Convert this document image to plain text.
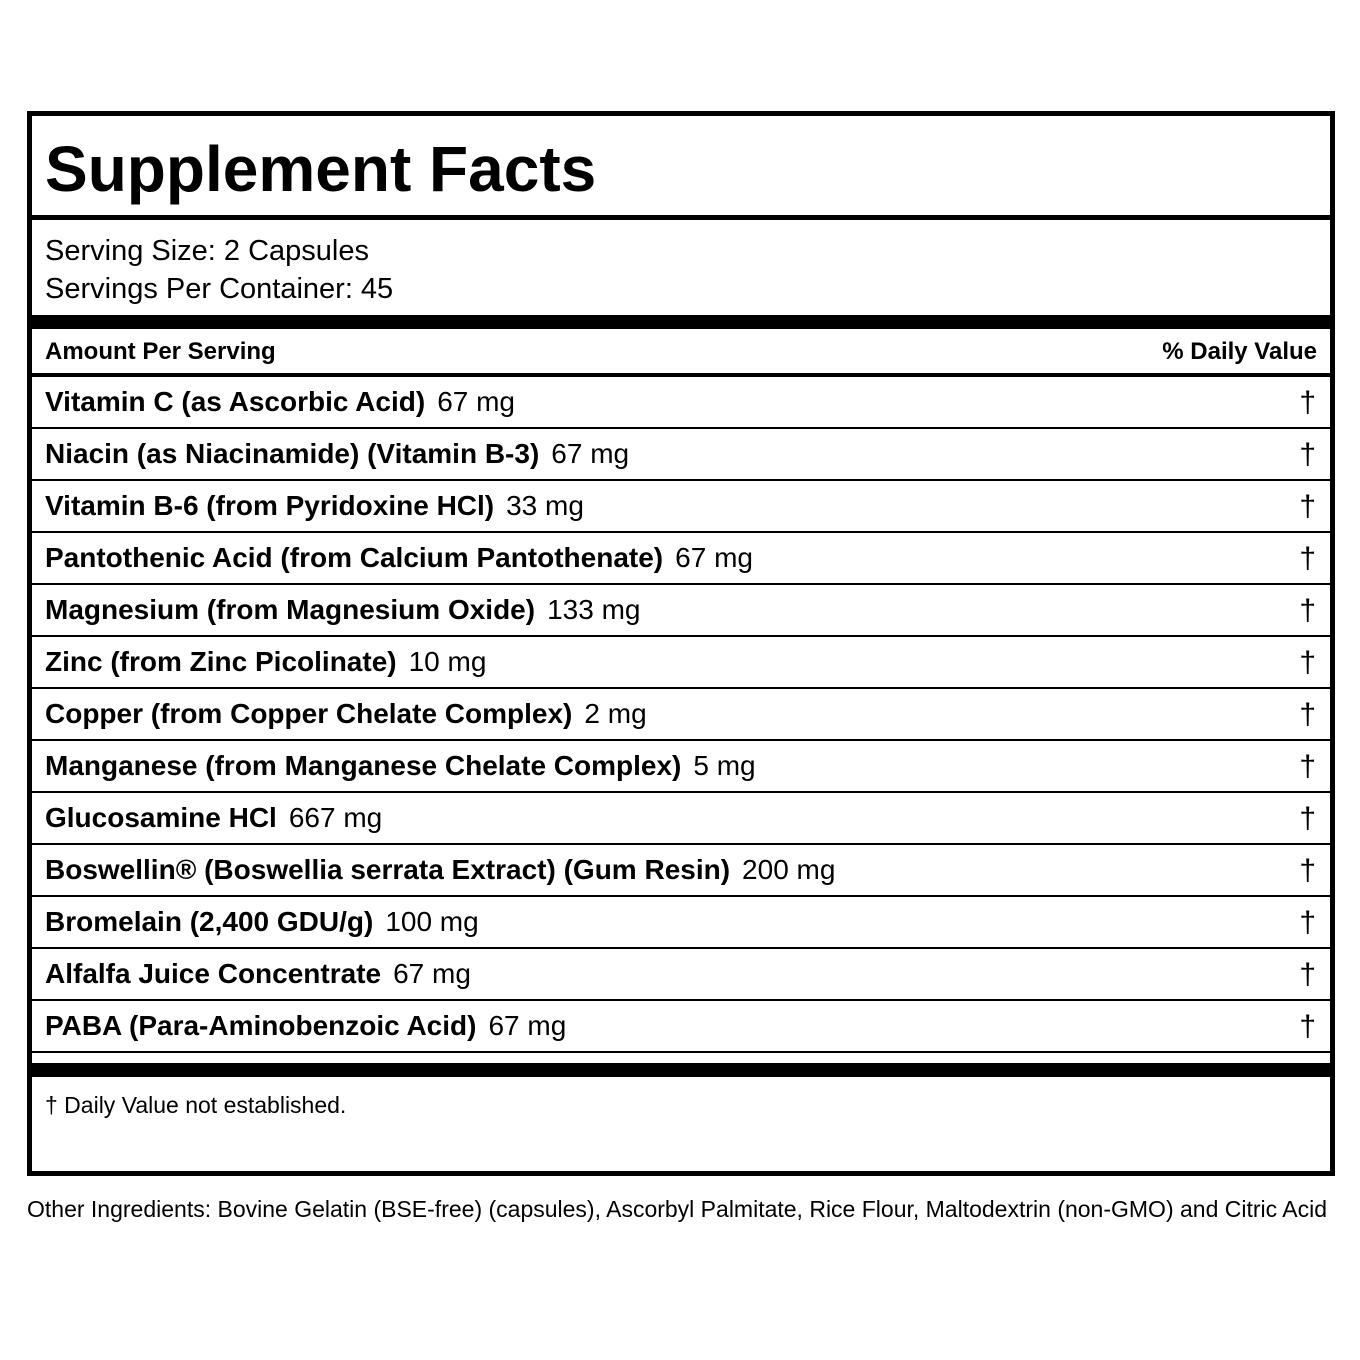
Supplement Facts
Serving Size: 2 Capsules
Servings Per Container: 45
Amount Per Serving	% Daily Value
Vitamin C (as Ascorbic Acid) 67 mg	†
Niacin (as Niacinamide) (Vitamin B-3) 67 mg	†
Vitamin B-6 (from Pyridoxine HCl) 33 mg	†
Pantothenic Acid (from Calcium Pantothenate) 67 mg	†
Magnesium (from Magnesium Oxide) 133 mg	†
Zinc (from Zinc Picolinate) 10 mg	†
Copper (from Copper Chelate Complex) 2 mg	†
Manganese (from Manganese Chelate Complex) 5 mg	†
Glucosamine HCl 667 mg	†
Boswellin® (Boswellia serrata Extract) (Gum Resin) 200 mg	†
Bromelain (2,400 GDU/g) 100 mg	†
Alfalfa Juice Concentrate 67 mg	†
PABA (Para-Aminobenzoic Acid) 67 mg	†
† Daily Value not established.
Other Ingredients: Bovine Gelatin (BSE-free) (capsules), Ascorbyl Palmitate, Rice Flour, Maltodextrin (non-GMO) and Citric Acid
